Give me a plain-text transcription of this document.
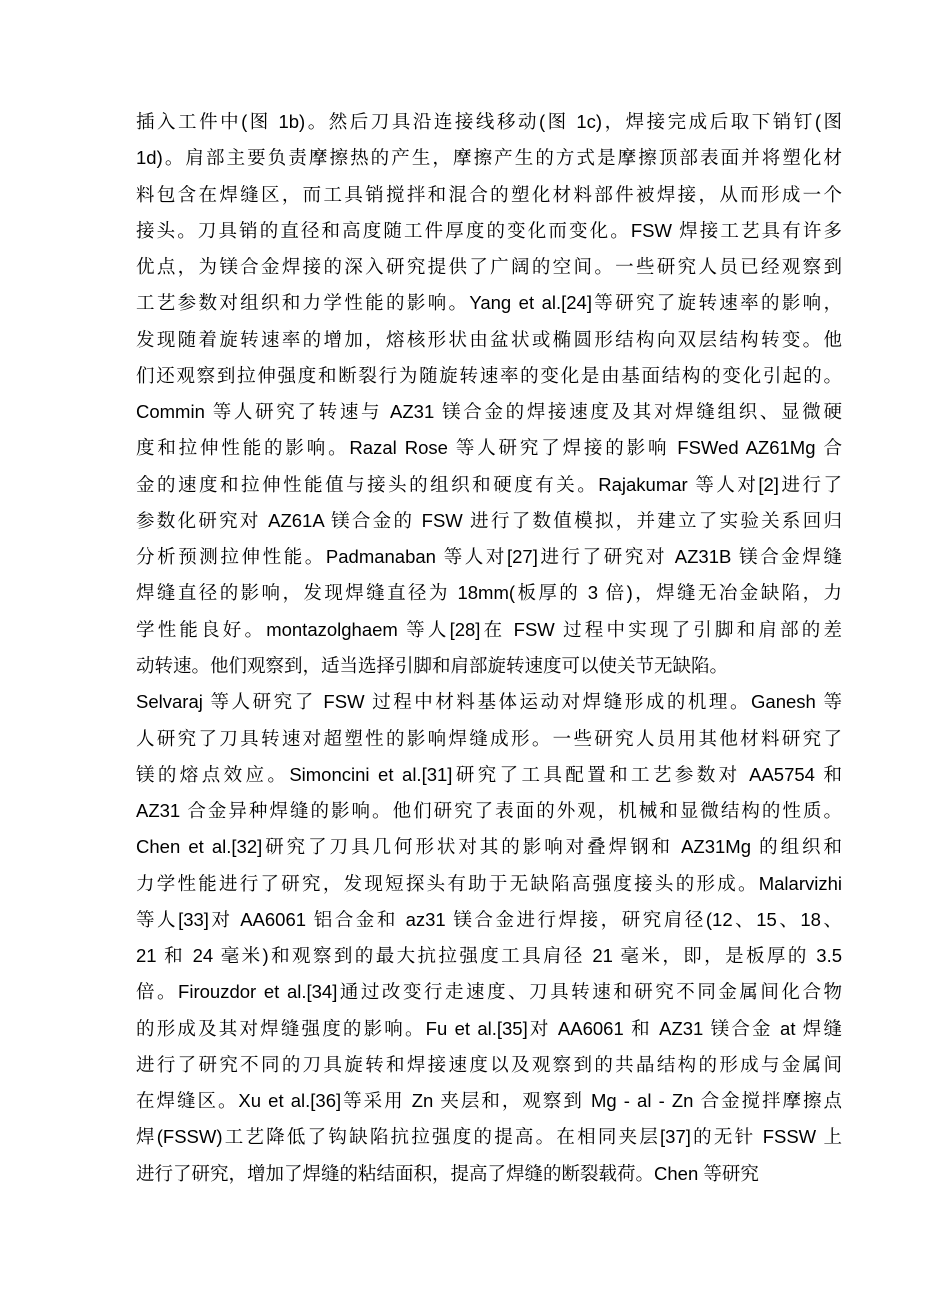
插入工件中(图 1b)。然后刀具沿连接线移动(图 1c)，焊接完成后取下销钉(图
1d)。肩部主要负责摩擦热的产生，摩擦产生的方式是摩擦顶部表面并将塑化材
料包含在焊缝区，而工具销搅拌和混合的塑化材料部件被焊接，从而形成一个
接头。刀具销的直径和高度随工件厚度的变化而变化。FSW 焊接工艺具有许多
优点，为镁合金焊接的深入研究提供了广阔的空间。一些研究人员已经观察到
工艺参数对组织和力学性能的影响。Yang et al.[24]等研究了旋转速率的影响，
发现随着旋转速率的增加，熔核形状由盆状或椭圆形结构向双层结构转变。他
们还观察到拉伸强度和断裂行为随旋转速率的变化是由基面结构的变化引起的。
Commin 等人研究了转速与 AZ31 镁合金的焊接速度及其对焊缝组织、显微硬
度和拉伸性能的影响。Razal Rose 等人研究了焊接的影响 FSWed AZ61Mg 合
金的速度和拉伸性能值与接头的组织和硬度有关。Rajakumar 等人对[2]进行了
参数化研究对 AZ61A 镁合金的 FSW 进行了数值模拟，并建立了实验关系回归
分析预测拉伸性能。Padmanaban 等人对[27]进行了研究对 AZ31B 镁合金焊缝
焊缝直径的影响，发现焊缝直径为 18mm(板厚的 3 倍)，焊缝无冶金缺陷，力
学性能良好。montazolghaem 等人[28]在 FSW 过程中实现了引脚和肩部的差
动转速。他们观察到，适当选择引脚和肩部旋转速度可以使关节无缺陷。
Selvaraj 等人研究了 FSW 过程中材料基体运动对焊缝形成的机理。Ganesh 等
人研究了刀具转速对超塑性的影响焊缝成形。一些研究人员用其他材料研究了
镁的熔点效应。Simoncini et al.[31]研究了工具配置和工艺参数对 AA5754 和
AZ31 合金异种焊缝的影响。他们研究了表面的外观，机械和显微结构的性质。
Chen et al.[32]研究了刀具几何形状对其的影响对叠焊钢和 AZ31Mg 的组织和
力学性能进行了研究，发现短探头有助于无缺陷高强度接头的形成。Malarvizhi
等人[33]对 AA6061 铝合金和 az31 镁合金进行焊接，研究肩径(12、15、18、
21 和 24 毫米)和观察到的最大抗拉强度工具肩径 21 毫米，即，是板厚的 3.5
倍。Firouzdor et al.[34]通过改变行走速度、刀具转速和研究不同金属间化合物
的形成及其对焊缝强度的影响。Fu et al.[35]对 AA6061 和 AZ31 镁合金 at 焊缝
进行了研究不同的刀具旋转和焊接速度以及观察到的共晶结构的形成与金属间
在焊缝区。Xu et al.[36]等采用 Zn 夹层和，观察到 Mg - al - Zn 合金搅拌摩擦点
焊(FSSW)工艺降低了钩缺陷抗拉强度的提高。在相同夹层[37]的无针 FSSW 上
进行了研究，增加了焊缝的粘结面积，提高了焊缝的断裂载荷。Chen 等研究
